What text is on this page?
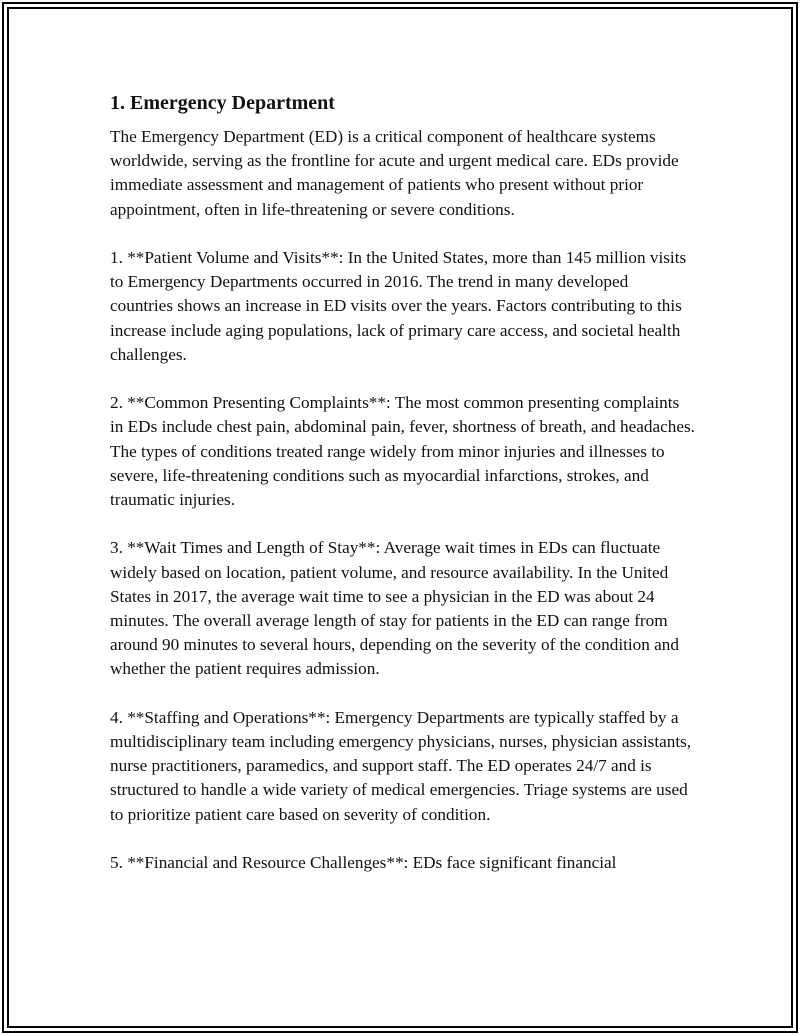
1. Emergency Department

The Emergency Department (ED) is a critical component of healthcare systems worldwide, serving as the frontline for acute and urgent medical care. EDs provide immediate assessment and management of patients who present without prior appointment, often in life-threatening or severe conditions.

1. **Patient Volume and Visits**: In the United States, more than 145 million visits to Emergency Departments occurred in 2016. The trend in many developed countries shows an increase in ED visits over the years. Factors contributing to this increase include aging populations, lack of primary care access, and societal health challenges.

2. **Common Presenting Complaints**: The most common presenting complaints in EDs include chest pain, abdominal pain, fever, shortness of breath, and headaches. The types of conditions treated range widely from minor injuries and illnesses to severe, life-threatening conditions such as myocardial infarctions, strokes, and traumatic injuries.

3. **Wait Times and Length of Stay**: Average wait times in EDs can fluctuate widely based on location, patient volume, and resource availability. In the United States in 2017, the average wait time to see a physician in the ED was about 24 minutes. The overall average length of stay for patients in the ED can range from around 90 minutes to several hours, depending on the severity of the condition and whether the patient requires admission.

4. **Staffing and Operations**: Emergency Departments are typically staffed by a multidisciplinary team including emergency physicians, nurses, physician assistants, nurse practitioners, paramedics, and support staff. The ED operates 24/7 and is structured to handle a wide variety of medical emergencies. Triage systems are used to prioritize patient care based on severity of condition.

5. **Financial and Resource Challenges**: EDs face significant financial
